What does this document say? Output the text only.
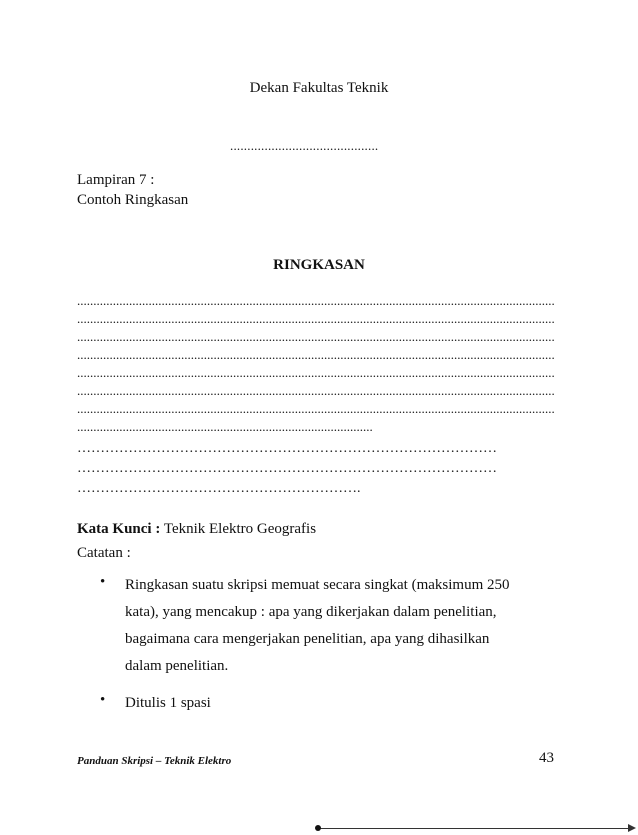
Dekan Fakultas Teknik
...........................................
Lampiran 7 :
Contoh Ringkasan
RINGKASAN
...................................................................................................................................................
...................................................................................................................................................
...................................................................................................................................................
...................................................................................................................................................
...................................................................................................................................................
...................................................................................................................................................
...................................................................................................................................................
...........................................................................................
………………………………………………………………………………
………………………………………………………………………………
…………………………………………………….
Kata Kunci : Teknik Elektro Geografis
Catatan :
• Ringkasan suatu skripsi memuat secara singkat (maksimum 250
kata), yang mencakup : apa yang dikerjakan dalam penelitian,
bagaimana cara mengerjakan penelitian, apa yang dihasilkan
dalam penelitian.
• Ditulis 1 spasi
Panduan Skripsi – Teknik Elektro	43
